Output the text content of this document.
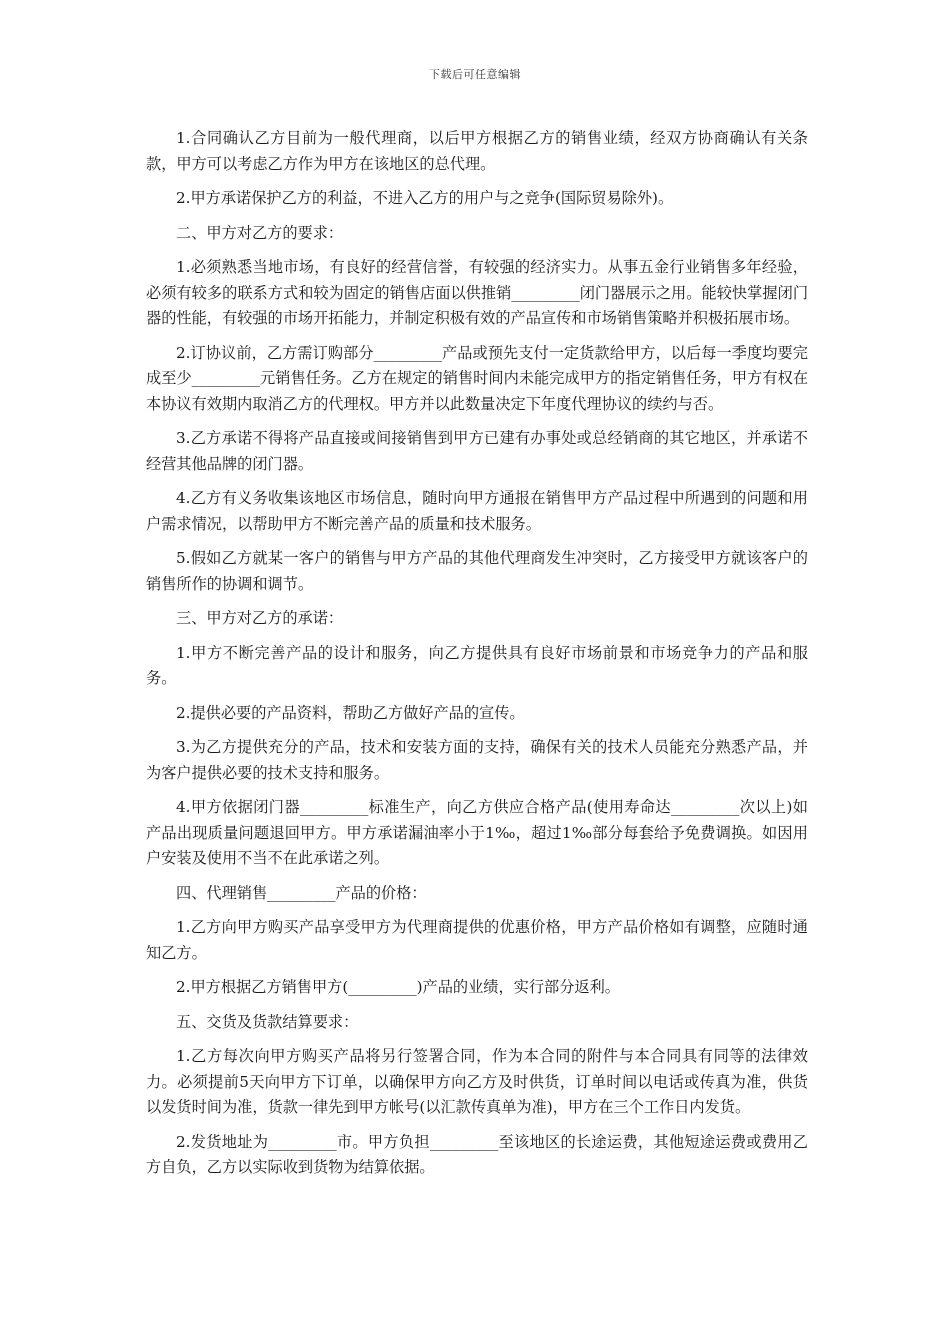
下载后可任意编辑

1.合同确认乙方目前为一般代理商，以后甲方根据乙方的销售业绩，经双方协商确认有关条款，甲方可以考虑乙方作为甲方在该地区的总代理。

2.甲方承诺保护乙方的利益，不进入乙方的用户与之竞争(国际贸易除外)。

二、甲方对乙方的要求：

1.必须熟悉当地市场，有良好的经营信誉，有较强的经济实力。从事五金行业销售多年经验，必须有较多的联系方式和较为固定的销售店面以供推销_________闭门器展示之用。能较快掌握闭门器的性能，有较强的市场开拓能力，并制定积极有效的产品宣传和市场销售策略并积极拓展市场。

2.订协议前，乙方需订购部分_________产品或预先支付一定货款给甲方，以后每一季度均要完成至少_________元销售任务。乙方在规定的销售时间内未能完成甲方的指定销售任务，甲方有权在本协议有效期内取消乙方的代理权。甲方并以此数量决定下年度代理协议的续约与否。

3.乙方承诺不得将产品直接或间接销售到甲方已建有办事处或总经销商的其它地区，并承诺不经营其他品牌的闭门器。

4.乙方有义务收集该地区市场信息，随时向甲方通报在销售甲方产品过程中所遇到的问题和用户需求情况，以帮助甲方不断完善产品的质量和技术服务。

5.假如乙方就某一客户的销售与甲方产品的其他代理商发生冲突时，乙方接受甲方就该客户的销售所作的协调和调节。

三、甲方对乙方的承诺：

1.甲方不断完善产品的设计和服务，向乙方提供具有良好市场前景和市场竞争力的产品和服务。

2.提供必要的产品资料，帮助乙方做好产品的宣传。

3.为乙方提供充分的产品，技术和安装方面的支持，确保有关的技术人员能充分熟悉产品，并为客户提供必要的技术支持和服务。

4.甲方依据闭门器_________标准生产，向乙方供应合格产品(使用寿命达_________次以上)如产品出现质量问题退回甲方。甲方承诺漏油率小于1‰，超过1‰部分每套给予免费调换。如因用户安装及使用不当不在此承诺之列。

四、代理销售_________产品的价格：

1.乙方向甲方购买产品享受甲方为代理商提供的优惠价格，甲方产品价格如有调整，应随时通知乙方。

2.甲方根据乙方销售甲方(_________)产品的业绩，实行部分返利。

五、交货及货款结算要求：

1.乙方每次向甲方购买产品将另行签署合同，作为本合同的附件与本合同具有同等的法律效力。必须提前5天向甲方下订单，以确保甲方向乙方及时供货，订单时间以电话或传真为准，供货以发货时间为准，货款一律先到甲方帐号(以汇款传真单为准)，甲方在三个工作日内发货。

2.发货地址为_________市。甲方负担_________至该地区的长途运费，其他短途运费或费用乙方自负，乙方以实际收到货物为结算依据。
